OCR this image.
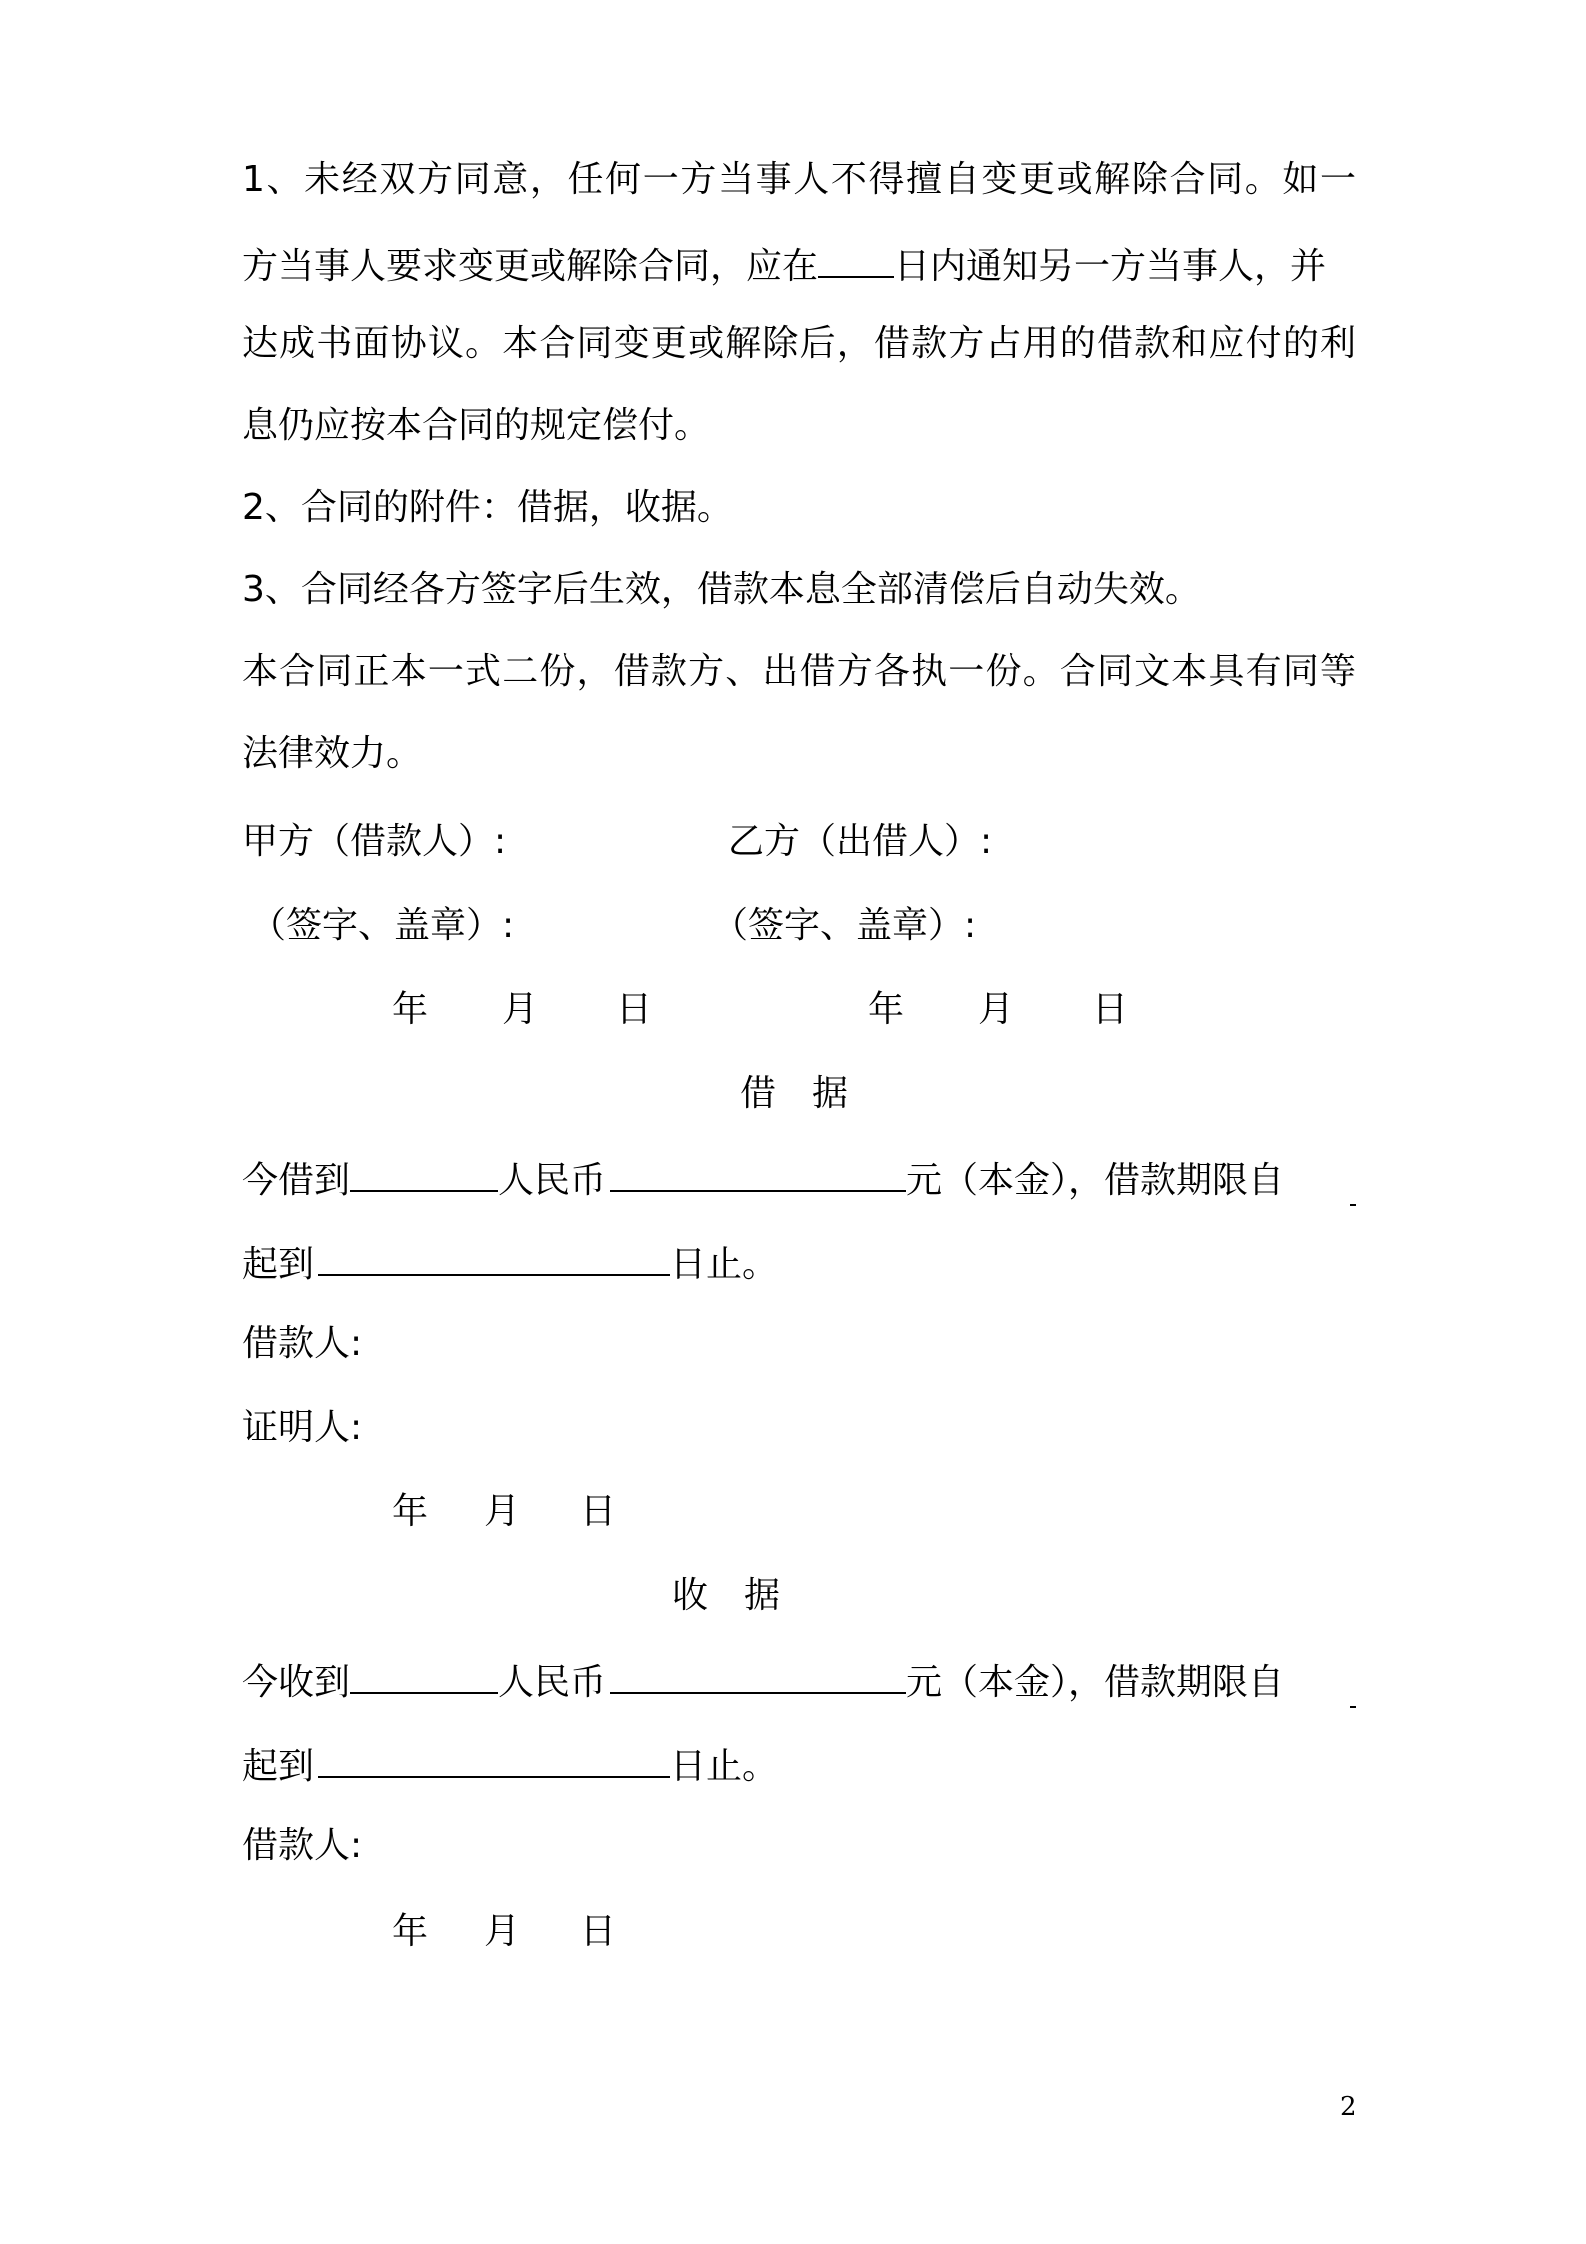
1、未经双方同意，任何一方当事人不得擅自变更或解除合同。如一
方当事人要求变更或解除合同，应在 日内通知另一方当事人，并
达成书面协议。本合同变更或解除后，借款方占用的借款和应付的利
息仍应按本合同的规定偿付。
2、合同的附件：借据，收据。
3、合同经各方签字后生效，借款本息全部清偿后自动失效。
本合同正本一式二份，借款方、出借方各执一份。合同文本具有同等
法律效力。
甲方（借款人）:	乙方（出借人）:
（签字、盖章）:	（签字、盖章）:
年 月 日	年 月 日
借　据
今借到	人民币	元（本金），借款期限自
起到	日止。
借款人:
证明人:
年 月 日
收　据
今收到	人民币	元（本金），借款期限自
起到	日止。
借款人:
年 月 日
2
